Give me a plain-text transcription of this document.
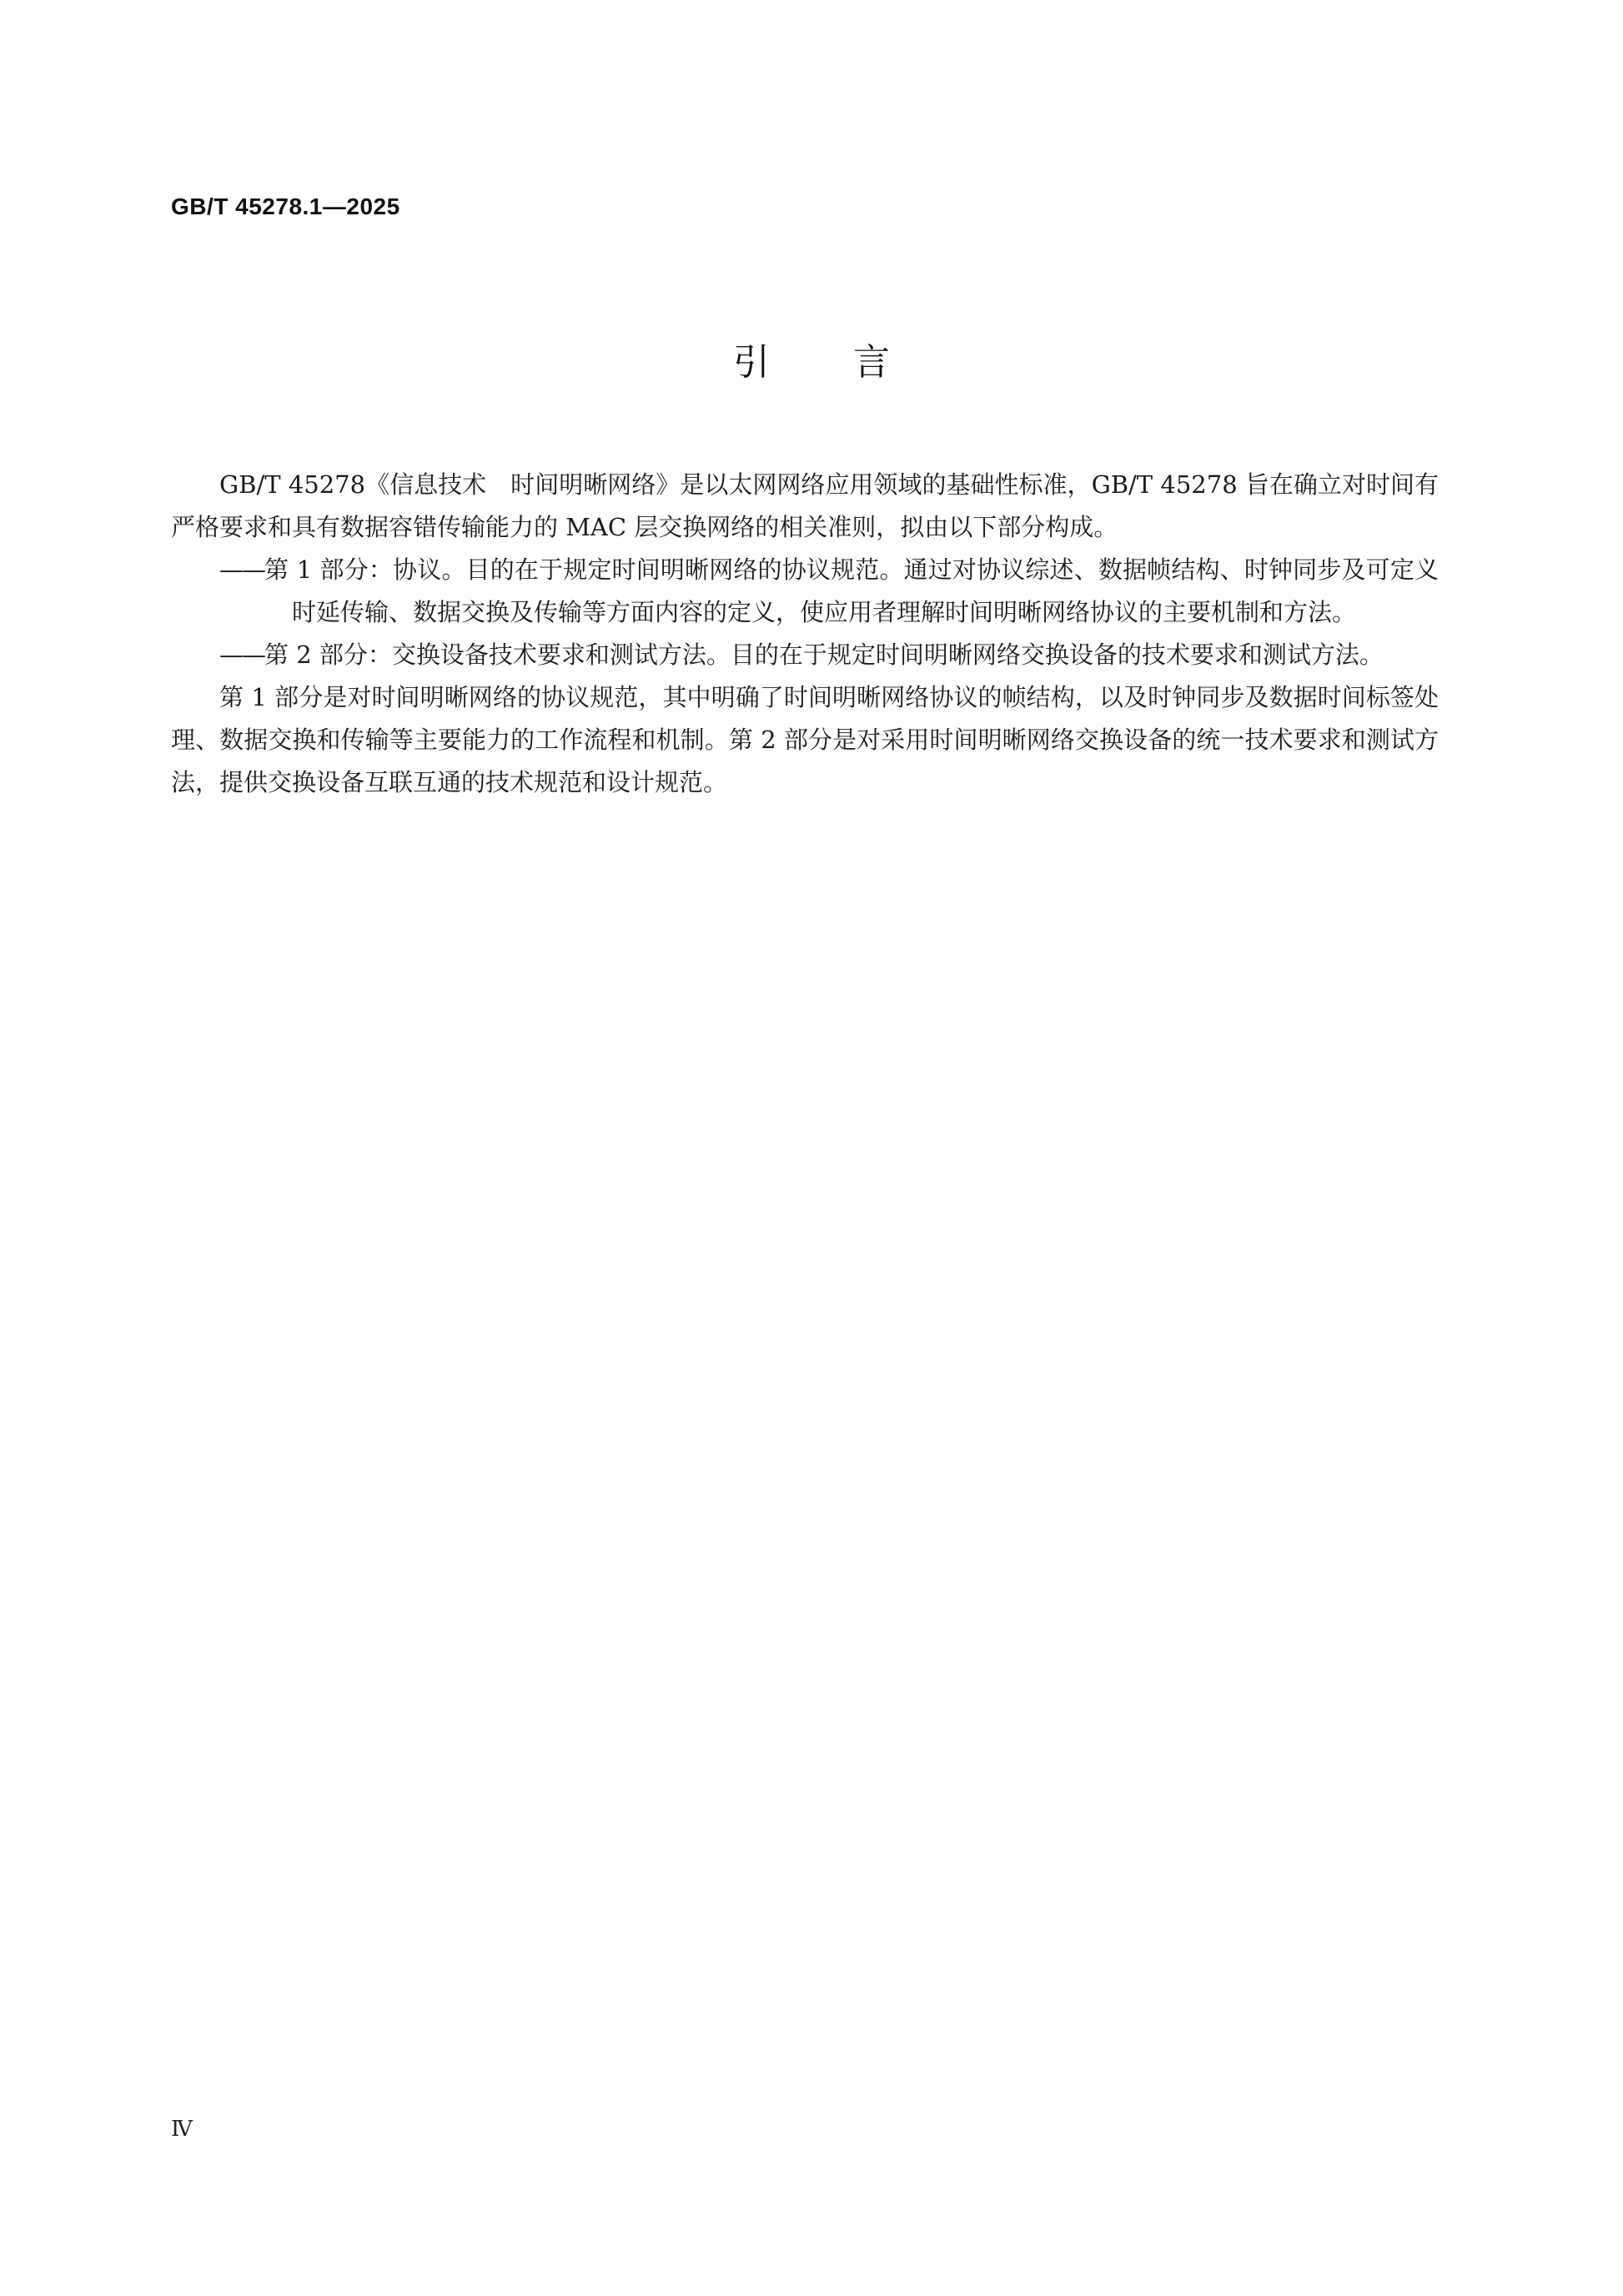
GB/T 45278.1—2025
引言

GB/T 45278《信息技术　时间明晰网络》是以太网网络应用领域的基础性标准，GB/T 45278 旨在确立对时间有严格要求和具有数据容错传输能力的 MAC 层交换网络的相关准则，拟由以下部分构成。

——第 1 部分：协议。目的在于规定时间明晰网络的协议规范。通过对协议综述、数据帧结构、时钟同步及可定义时延传输、数据交换及传输等方面内容的定义，使应用者理解时间明晰网络协议的主要机制和方法。

——第 2 部分：交换设备技术要求和测试方法。目的在于规定时间明晰网络交换设备的技术要求和测试方法。

第 1 部分是对时间明晰网络的协议规范，其中明确了时间明晰网络协议的帧结构，以及时钟同步及数据时间标签处理、数据交换和传输等主要能力的工作流程和机制。第 2 部分是对采用时间明晰网络交换设备的统一技术要求和测试方法，提供交换设备互联互通的技术规范和设计规范。

Ⅳ
